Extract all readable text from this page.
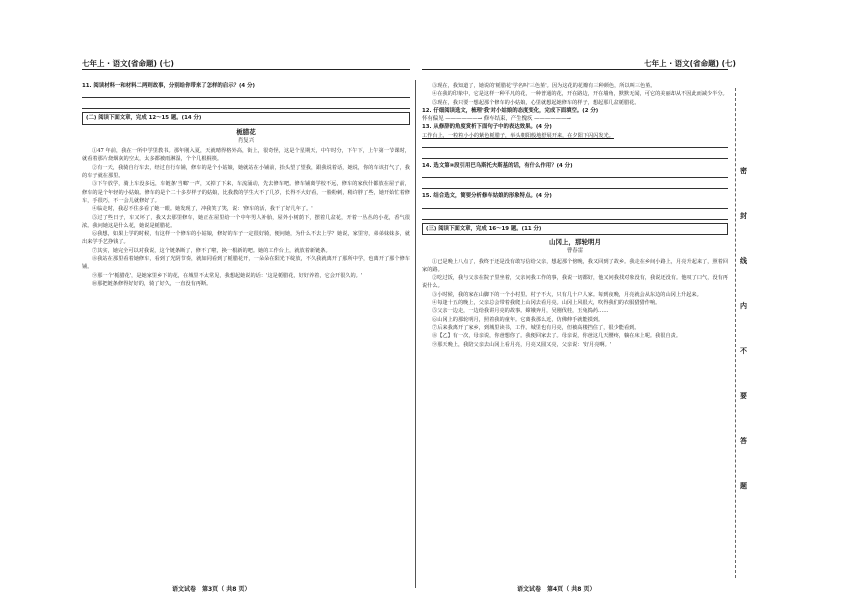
七年上 · 语文(省命题) (七)	七年上 · 语文(省命题) (七)
11. 阅读材料一和材料二两则故事，分别给你带来了怎样的启示？(4 分)
(二) 阅读下面文章，完成 12～15 题。(14 分)
栀腊花
肖复兴

①47 年前，我在一所中学里教书。那年刚入夏，天就晴得格外高，街上，很奇怪，这是个星期天，中午时分，下午下，上午第一节课时，就看着那片烧烟灰的空太，太多都被雨淋湿，个个几根棍筷。

②有一天，我骑自行车去，经过自行车铺，修车的是个小姑娘，她就站在小铺前，抬头望了望我，跟我说着话，她说，你的车该打气了，我的车子就在那里。

③下午放学，骑上车没多远，车链条'当啷'一声，又掉了下来，车流涌动，先去修车吧。修车铺离学校不远，修车的家伙什都放在屋子前，修车的是个年轻的小姑娘。修车的是个二十多岁样子的姑娘，比我教的学生大不了几岁，长得不大好看，一脸粉刺，稍许胖了些，她开始忙着修车，手很巧，不一会儿就修好了。

④临走时，我忍不住多看了她一眼。她发现了，冲我笑了笑，说：'修车的活，我干了好几年了。'

⑤过了些日子，车又坏了，我又去那里修车，她正在屋里给一个中年男人补胎，屋外小树荫下，摆着几盆花，开着一丛丛的小花，香气很浓。我问她这是什么花，她说是栀腊花。

⑥我想，如果上学的时候，有这样一个修车的小姑娘，修好的车子一定很好骑，便问她，为什么不去上学？她说，家里穷，弟弟妹妹多，就出来学手艺挣钱了。

⑦其实，她完全可以对我说，这个链条断了，修不了啦，换一根新的吧。她的工作台上，就放着新链条。

⑧我站在那里看着她修车，看到了光阴节奏，就如同看到了栀腊花开，一朵朵在阳光下绽放，不久我就离开了那所中学，也离开了那个修车铺。

⑨那一个'栀腊花'，是她家里乡下的花，在城里不太常见，我想起她说的话：'这是栀腊花，好好养着，它会开很久的。'

⑩那把链条修得好好的，骑了好久，一直没有再断。

③现在，我知道了，她说的'栀腊花'学名叫'三色堇'。因为这花的花瓣有三种颜色，所以叫三色堇。

④在我的印象中，它是这样一种平凡的花，一种普通的花，开在路边，开在墙角，默默无闻，可它的美丽却从不因此而减少半分。

⑤现在，我只要一想起那个修车的小姑娘，心里就想起她修车的样子，想起那几盆栀腊花。

12. 仔细阅读选文，梳理'我'对小姑娘的态度变化，完成下面填空。(2 分)
怀有偏见 ——————→ 修车结束，产生愧疚 ——————→
13. 从修辞的角度赏析下面句子中的表达效果。(4 分)
工作台上，一粒粒小小的紫色栀腊子，举头朝阳般地舒展开来，在夕阳下闪闪发光。
14. 选文第⑩段引用巴乌斯托夫斯基的话，有什么作用？(4 分)
15. 结合选文，简要分析修车姑娘的形象特点。(4 分)
(三) 阅读下面文章，完成 16～19 题。(11 分)
山冈上，那轮明月
曹春雷

①已是晚上八点了，我终于还是没有敢写信给父亲，想起那个傍晚，我又回到了故乡。我走在乡间小路上，月亮升起来了，照着回家的路。

②吃过饭，我与父亲在院子里坐着，父亲问我工作的事，我说一切都好，他又问我找对象没有，我说还没有。他叹了口气，没有再说什么。

③小时候，我的家在山脚下的一个小村里。村子不大，只有几十户人家。每到夜晚，月亮就会从东边的山冈上升起来。

④每逢十五的晚上，父亲总会带着我爬上山冈去看月亮。山冈上风很大，吹得我们的衣服猎猎作响。

⑤父亲一边走，一边给我讲月亮的故事。嫦娥奔月，吴刚伐桂，玉兔捣药……

⑥山冈上的那轮明月，照着我的童年。它离我那么近，仿佛伸手就能摸到。

⑦后来我离开了家乡，到城里读书，工作。城里也有月亮，但被高楼挡住了，很少能看到。

⑧【乙】有一次，母亲说，你爸想你了。我便回家去了。母亲说，你爸这几天腰疼，躺在床上呢。我很自责。

⑨那天晚上，我陪父亲去山冈上看月亮，月亮又圆又亮，父亲说：'好月亮啊。'

密
封
线
内
不
要
答
题
语文试卷　第3页（ 共8 页）	语文试卷　第4页（ 共8 页）
